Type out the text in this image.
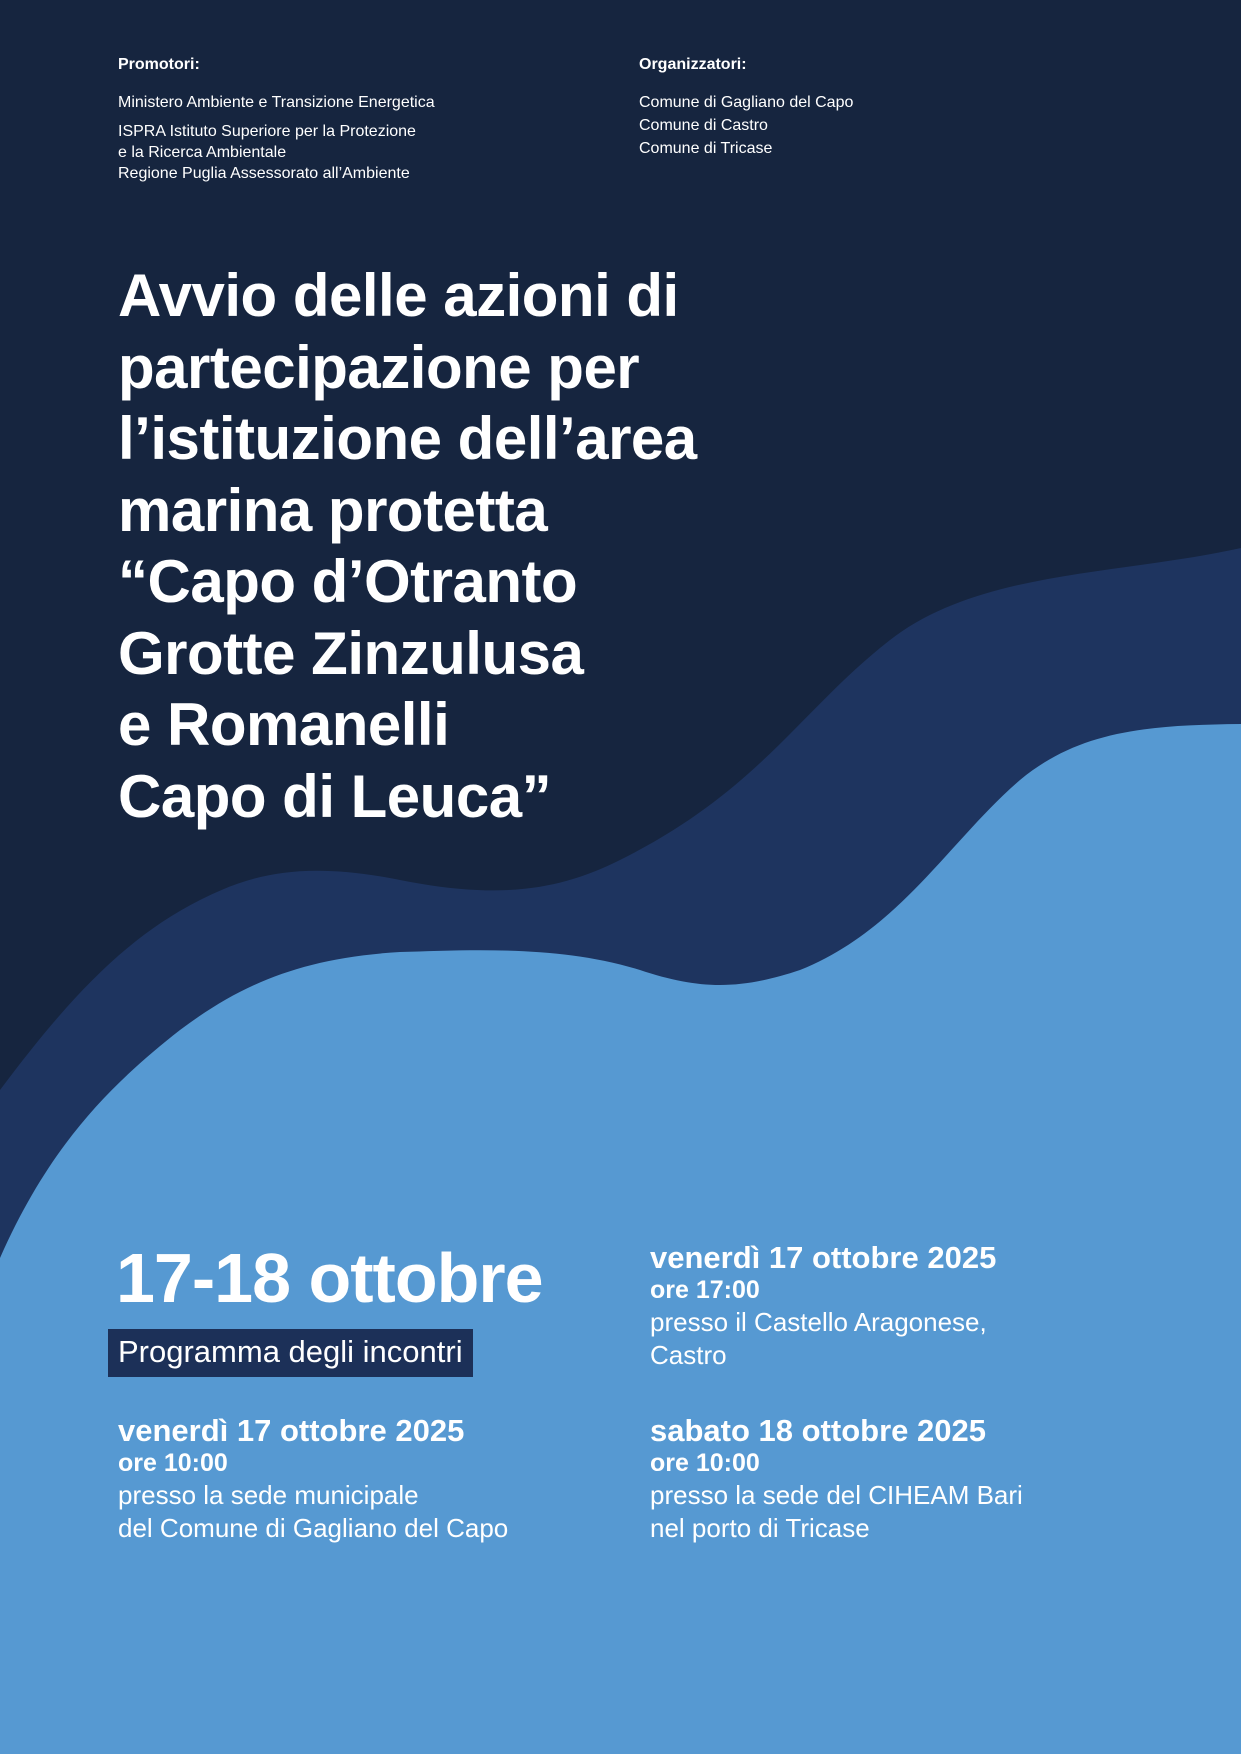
Promotori:

Ministero Ambiente e Transizione Energetica

ISPRA Istituto Superiore per la Protezione

e la Ricerca Ambientale

Regione Puglia Assessorato all’Ambiente

Organizzatori:

Comune di Gagliano del Capo

Comune di Castro

Comune di Tricase

Avvio delle azioni di
partecipazione per
l’istituzione dell’area
marina protetta
“Capo d’Otranto
Grotte Zinzulusa
e Romanelli
Capo di Leuca”
17-18 ottobre
Programma degli incontri
venerdì 17 ottobre 2025
ore 17:00
presso il Castello Aragonese,
Castro
venerdì 17 ottobre 2025
ore 10:00
presso la sede municipale
del Comune di Gagliano del Capo
sabato 18 ottobre 2025
ore 10:00
presso la sede del CIHEAM Bari
nel porto di Tricase
